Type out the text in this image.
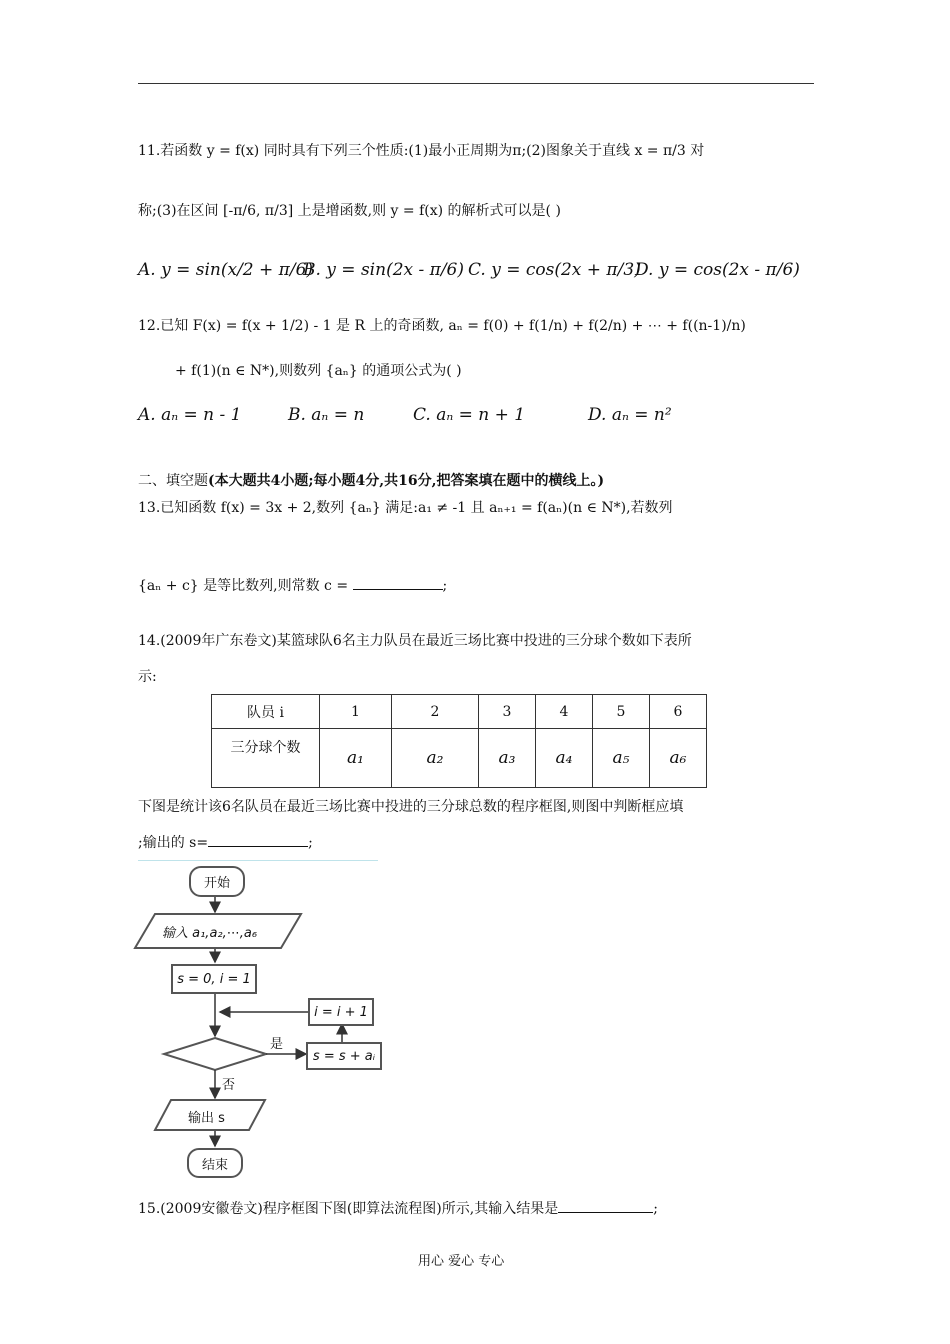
11.若函数 y = f(x) 同时具有下列三个性质:(1)最小正周期为π;(2)图象关于直线 x = π/3 对
称;(3)在区间 [-π/6, π/3] 上是增函数,则 y = f(x) 的解析式可以是( )
A. y = sin(x/2 + π/6)
B. y = sin(2x - π/6) C. y = cos(2x + π/3)
D. y = cos(2x - π/6)
12.已知 F(x) = f(x + 1/2) - 1 是 R 上的奇函数, aₙ = f(0) + f(1/n) + f(2/n) + ⋯ + f((n-1)/n)
+ f(1)(n ∈ N*),则数列 {aₙ} 的通项公式为( )
A. aₙ = n - 1	B. aₙ = n	C. aₙ = n + 1	D. aₙ = n²
二、填空题(本大题共4小题;每小题4分,共16分,把答案填在题中的横线上。)
13.已知函数 f(x) = 3x + 2,数列 {aₙ} 满足:a₁ ≠ -1 且 aₙ₊₁ = f(aₙ)(n ∈ N*),若数列
{aₙ + c} 是等比数列,则常数 c =	;
14.(2009年广东卷文)某篮球队6名主力队员在最近三场比赛中投进的三分球个数如下表所
示:
队员 i	1	2	3	4	5	6
三分球个数	a₁	a₂	a₃	a₄	a₅	a₆
下图是统计该6名队员在最近三场比赛中投进的三分球总数的程序框图,则图中判断框应填
;输出的 s=	;
开始
输入 a₁,a₂,⋯,a₆
s = 0, i = 1
i = i + 1
是
s = s + aᵢ
否
输出 s
结束
15.(2009安徽卷文)程序框图下图(即算法流程图)所示,其输入结果是	;
用心 爱心 专心
